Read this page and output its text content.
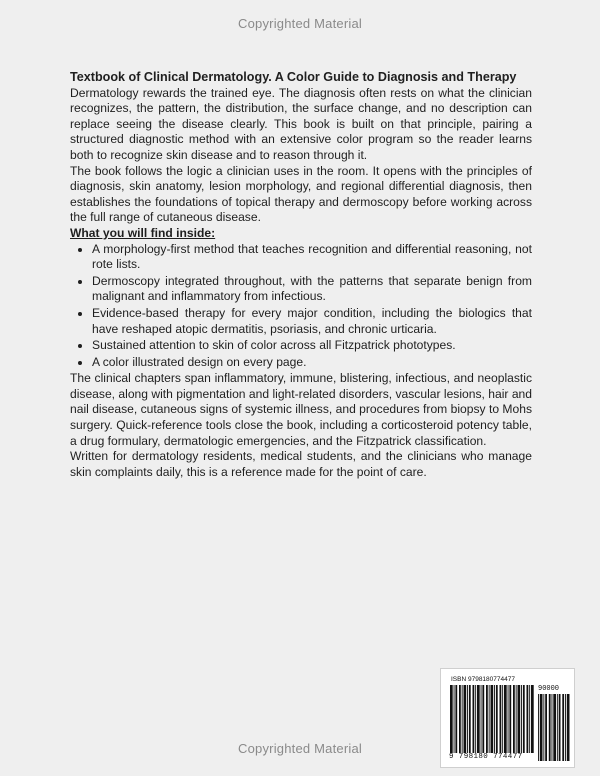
Copyrighted Material

Textbook of Clinical Dermatology. A Color Guide to Diagnosis and Therapy

Dermatology rewards the trained eye. The diagnosis often rests on what the clinician recognizes, the pattern, the distribution, the surface change, and no description can replace seeing the disease clearly. This book is built on that principle, pairing a structured diagnostic method with an extensive color program so the reader learns both to recognize skin disease and to reason through it.

The book follows the logic a clinician uses in the room. It opens with the principles of diagnosis, skin anatomy, lesion morphology, and regional differential diagnosis, then establishes the foundations of topical therapy and dermoscopy before working across the full range of cutaneous disease.

What you will find inside:

• A morphology-first method that teaches recognition and differential reasoning, not rote lists.
• Dermoscopy integrated throughout, with the patterns that separate benign from malignant and inflammatory from infectious.
• Evidence-based therapy for every major condition, including the biologics that have reshaped atopic dermatitis, psoriasis, and chronic urticaria.
• Sustained attention to skin of color across all Fitzpatrick phototypes.
• A color illustrated design on every page.

The clinical chapters span inflammatory, immune, blistering, infectious, and neoplastic disease, along with pigmentation and light-related disorders, vascular lesions, hair and nail disease, cutaneous signs of systemic illness, and procedures from biopsy to Mohs surgery. Quick-reference tools close the book, including a corticosteroid potency table, a drug formulary, dermatologic emergencies, and the Fitzpatrick classification.

Written for dermatology residents, medical students, and the clinicians who manage skin complaints daily, this is a reference made for the point of care.

ISBN 9798180774477
90000
9 798180 774477
Copyrighted Material
